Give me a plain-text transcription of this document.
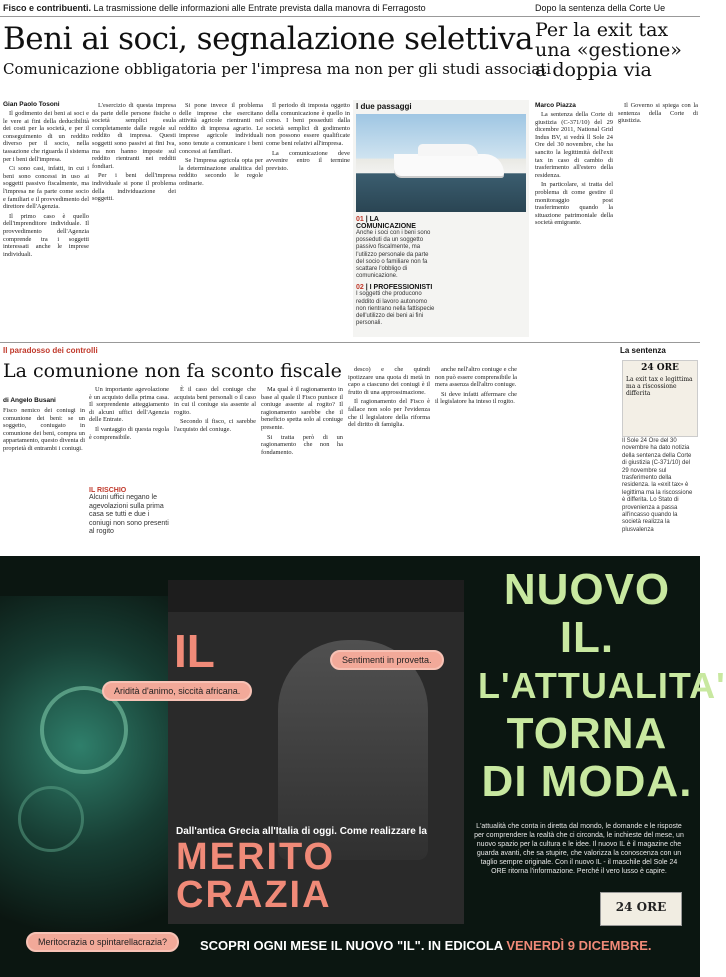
Fisco e contribuenti. La trasmissione delle informazioni alle Entrate prevista dalla manovra di Ferragosto	Dopo la sentenza della Corte Ue
Beni ai soci, segnalazione selettiva
Comunicazione obbligatoria per l'impresa ma non per gli studi associati
Gian Paolo Tosoni

Il godimento dei beni ai soci e le vere ai fini della deducibilità dei costi per la società, e per il conseguimento di un reddito diverso per il socio, nella tassazione che riguarda il sistema per i beni dell'impresa.

Ci sono casi, infatti, in cui i beni sono concessi in uso ai soggetti passivo fiscalmente, ma l'impresa ne fa parte come socio e familiari e il provvedimento del direttore dell'Agenzia.

Il primo caso è quello dell'imprenditore individuale. Il provvedimento dell'Agenzia comprende tra i soggetti interessati anche le imprese individuali.

L'esercizio di questa impresa da parte delle persone fisiche o società semplici esula completamente dalle regole sul reddito di impresa. Questi soggetti sono passivi ai fini Iva, ma non hanno imposte sul reddito rientranti nei redditi fondiari.

Per i beni dell'impresa individuale si pone il problema della individuazione dei soggetti.

Si pone invece il problema delle imprese che esercitano attività agricole rientranti nel reddito di impresa agrario. Le imprese agricole individuali sono tenute a comunicare i beni concessi ai familiari.

Se l'impresa agricola opta per la determinazione analitica del reddito secondo le regole ordinarie.

Il periodo di imposta oggetto della comunicazione è quello in corso. I beni posseduti dalla società semplici di godimento non possono essere qualificate come beni relativi all'impresa.

La comunicazione deve avvenire entro il termine previsto.

I due passaggi
01 | LA COMUNICAZIONE
Anche i soci con i beni sono posseduti da un soggetto passivo fiscalmente, ma l'utilizzo personale da parte del socio o familiare non fa scattare l'obbligo di comunicazione.
02 | I PROFESSIONISTI
I soggetti che producono reddito di lavoro autonomo non rientrano nella fattispecie dell'utilizzo dei beni ai fini personali.
Per la exit tax una «gestione» a doppia via
Marco Piazza

La sentenza della Corte di giustizia (C-371/10) del 29 dicembre 2011, National Grid Indus BV, si vedrà ll Sole 24 Ore del 30 novembre, che ha sancito la legittimità dell'exit tax in caso di cambio di trasferimento all'estero della residenza.

In particolare, si tratta del problema di come gestire il monitoraggio post trasferimento quando la situazione patrimoniale della società emigrante.

Il Governo si spiega con la sentenza della Corte di giustizia.

Il paradosso dei controlli
La comunione non fa sconto fiscale
di Angelo Busani

Fisco nemico dei coniugi in comunione dei beni: se un soggetto, coniugato in comunione dei beni, compra un appartamento, questo diventa di proprietà di entrambi i coniugi.

Un importante agevolazione è un acquisto della prima casa. Il sorprendente atteggiamento di alcuni uffici dell'Agenzia delle Entrate.

Il vantaggio di questa regola è comprensibile.

IL RISCHIO
Alcuni uffici negano le agevolazioni sulla prima casa se tutti e due i coniugi non sono presenti al rogito

È il caso del coniuge che acquista beni personali o il caso in cui il coniuge sia assente al rogito.

Secondo il fisco, ci sarebbe l'acquisto del coniuge.

Ma qual è il ragionamento in base al quale il Fisco punisce il coniuge assente al rogito? Il ragionamento sarebbe che il beneficio spetta solo al coniuge presente.

Si tratta però di un ragionamento che non ha fondamento.

desco) e che quindi ipotizzare una quota di metà in capo a ciascuno dei coniugi è il frutto di una approssimazione.

Il ragionamento del Fisco è fallace non solo per l'evidenza che il legislatore della riforma del diritto di famiglia.

anche nell'altro coniuge e che non può essere comprensibile la mera assenza dell'altro coniuge.

Si deve infatti affermare che il legislatore ha inteso il rogito.

La sentenza
24 ORE
La exit tax e legittima ma a riscossione differita
Il Sole 24 Ore del 30 novembre ha dato notizia della sentenza della Corte di giustizia (C-371/10) del 29 novembre sul trasferimento della residenza. la «exit tax» è legittima ma la riscossione è differita. Lo Stato di provenienza a passa all'incasso quando la società realizza la plusvalenza
IL
Dall'antica Grecia all'Italia di oggi. Come realizzare la
MERITO
CRAZIA
Sentimenti in provetta.
Aridità d'animo, siccità africana.
Meritocrazia o spintarellacrazia?
NUOVO IL.
L'ATTUALITA'
TORNA
DI MODA.
L'attualità che conta in diretta dal mondo, le domande e le risposte per comprendere la realtà che ci circonda, le inchieste del mese, un nuovo spazio per la cultura e le idee. Il nuovo IL è il magazine che guarda avanti, che sa stupire, che valorizza la conoscenza con un taglio sempre originale. Con il nuovo IL - il maschile del Sole 24 ORE ritorna l'informazione. Perché il vero lusso è capire.
24 ORE
SCOPRI OGNI MESE IL NUOVO "IL". IN EDICOLA VENERDÌ 9 DICEMBRE.
